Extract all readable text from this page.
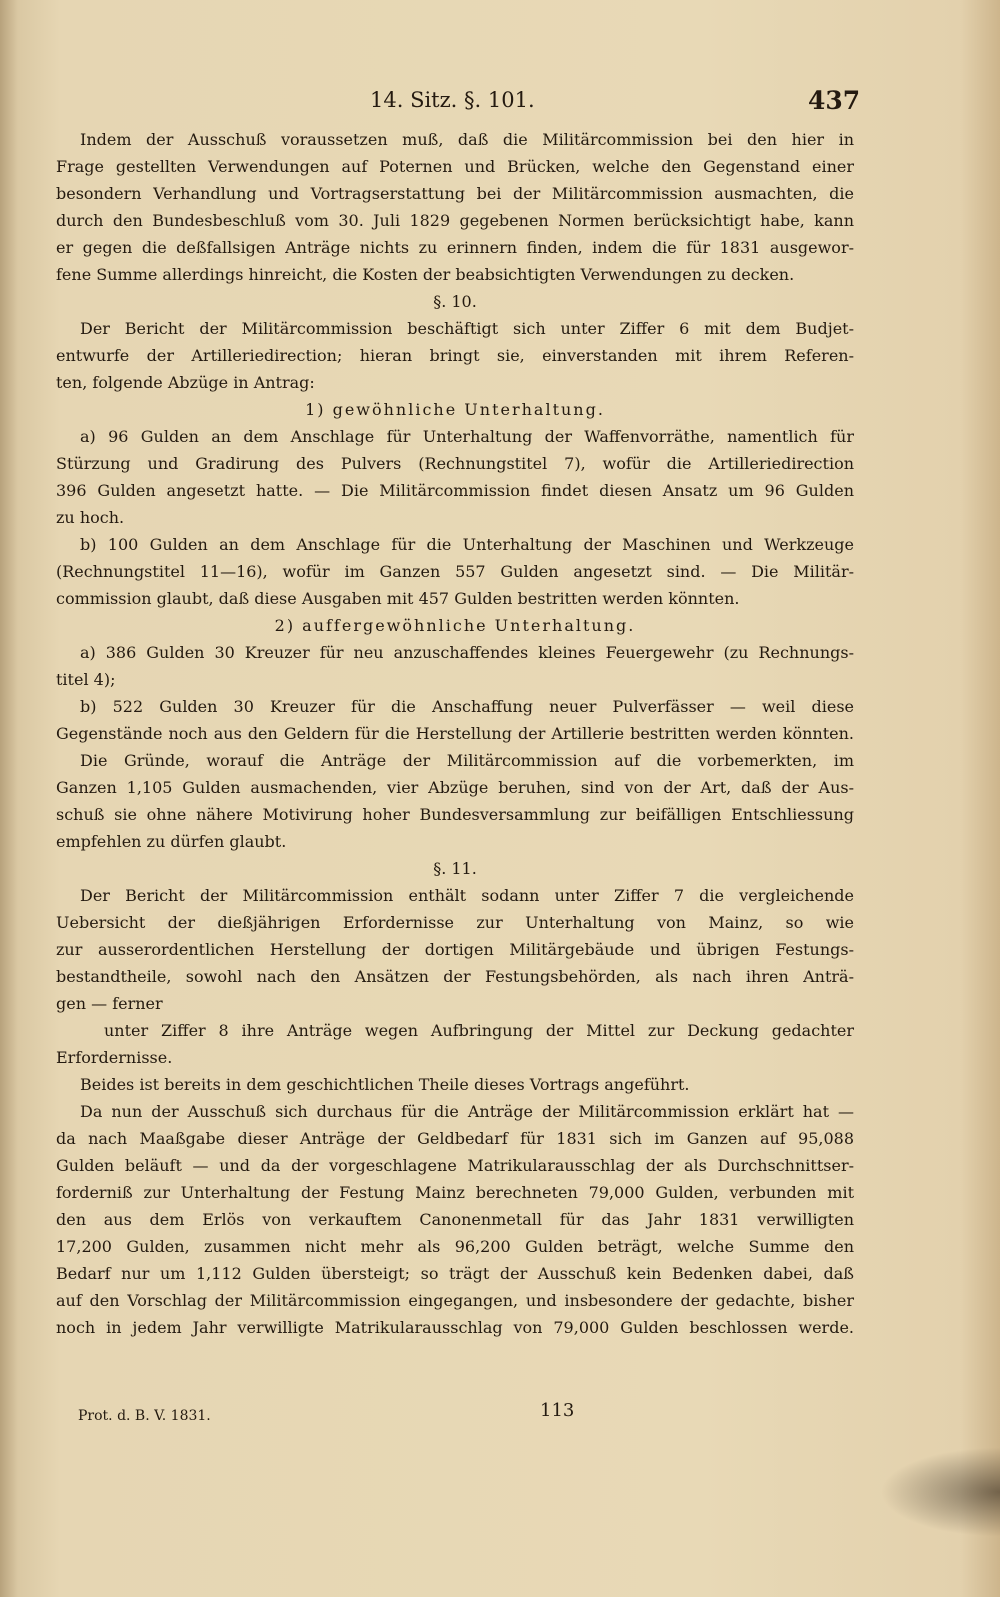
14. Sitz. §. 101.	437
Indem der Ausschuß voraussetzen muß, daß die Militärcommission bei den hier in
Frage gestellten Verwendungen auf Poternen und Brücken, welche den Gegenstand einer
besondern Verhandlung und Vortragserstattung bei der Militärcommission ausmachten, die
durch den Bundesbeschluß vom 30. Juli 1829 gegebenen Normen berücksichtigt habe, kann
er gegen die deßfallsigen Anträge nichts zu erinnern finden, indem die für 1831 ausgewor-
fene Summe allerdings hinreicht, die Kosten der beabsichtigten Verwendungen zu decken.
§. 10.
Der Bericht der Militärcommission beschäftigt sich unter Ziffer 6 mit dem Budjet-
entwurfe der Artilleriedirection; hieran bringt sie, einverstanden mit ihrem Referen-
ten, folgende Abzüge in Antrag:
1) gewöhnliche Unterhaltung.
a) 96 Gulden an dem Anschlage für Unterhaltung der Waffenvorräthe, namentlich für
Stürzung und Gradirung des Pulvers (Rechnungstitel 7), wofür die Artilleriedirection
396 Gulden angesetzt hatte. — Die Militärcommission findet diesen Ansatz um 96 Gulden
zu hoch.
b) 100 Gulden an dem Anschlage für die Unterhaltung der Maschinen und Werkzeuge
(Rechnungstitel 11—16), wofür im Ganzen 557 Gulden angesetzt sind. — Die Militär-
commission glaubt, daß diese Ausgaben mit 457 Gulden bestritten werden könnten.
2) auffergewöhnliche Unterhaltung.
a) 386 Gulden 30 Kreuzer für neu anzuschaffendes kleines Feuergewehr (zu Rechnungs-
titel 4);
b) 522 Gulden 30 Kreuzer für die Anschaffung neuer Pulverfässer — weil diese
Gegenstände noch aus den Geldern für die Herstellung der Artillerie bestritten werden könnten.
Die Gründe, worauf die Anträge der Militärcommission auf die vorbemerkten, im
Ganzen 1,105 Gulden ausmachenden, vier Abzüge beruhen, sind von der Art, daß der Aus-
schuß sie ohne nähere Motivirung hoher Bundesversammlung zur beifälligen Entschliessung
empfehlen zu dürfen glaubt.
§. 11.
Der Bericht der Militärcommission enthält sodann unter Ziffer 7 die vergleichende
Uebersicht der dießjährigen Erfordernisse zur Unterhaltung von Mainz, so wie
zur ausserordentlichen Herstellung der dortigen Militärgebäude und übrigen Festungs-
bestandtheile, sowohl nach den Ansätzen der Festungsbehörden, als nach ihren Anträ-
gen — ferner
unter Ziffer 8 ihre Anträge wegen Aufbringung der Mittel zur Deckung gedachter
Erfordernisse.
Beides ist bereits in dem geschichtlichen Theile dieses Vortrags angeführt.
Da nun der Ausschuß sich durchaus für die Anträge der Militärcommission erklärt hat —
da nach Maaßgabe dieser Anträge der Geldbedarf für 1831 sich im Ganzen auf 95,088
Gulden beläuft — und da der vorgeschlagene Matrikularausschlag der als Durchschnittser-
forderniß zur Unterhaltung der Festung Mainz berechneten 79,000 Gulden, verbunden mit
den aus dem Erlös von verkauftem Canonenmetall für das Jahr 1831 verwilligten
17,200 Gulden, zusammen nicht mehr als 96,200 Gulden beträgt, welche Summe den
Bedarf nur um 1,112 Gulden übersteigt; so trägt der Ausschuß kein Bedenken dabei, daß
auf den Vorschlag der Militärcommission eingegangen, und insbesondere der gedachte, bisher
noch in jedem Jahr verwilligte Matrikularausschlag von 79,000 Gulden beschlossen werde.
Prot. d. B. V. 1831.	113
